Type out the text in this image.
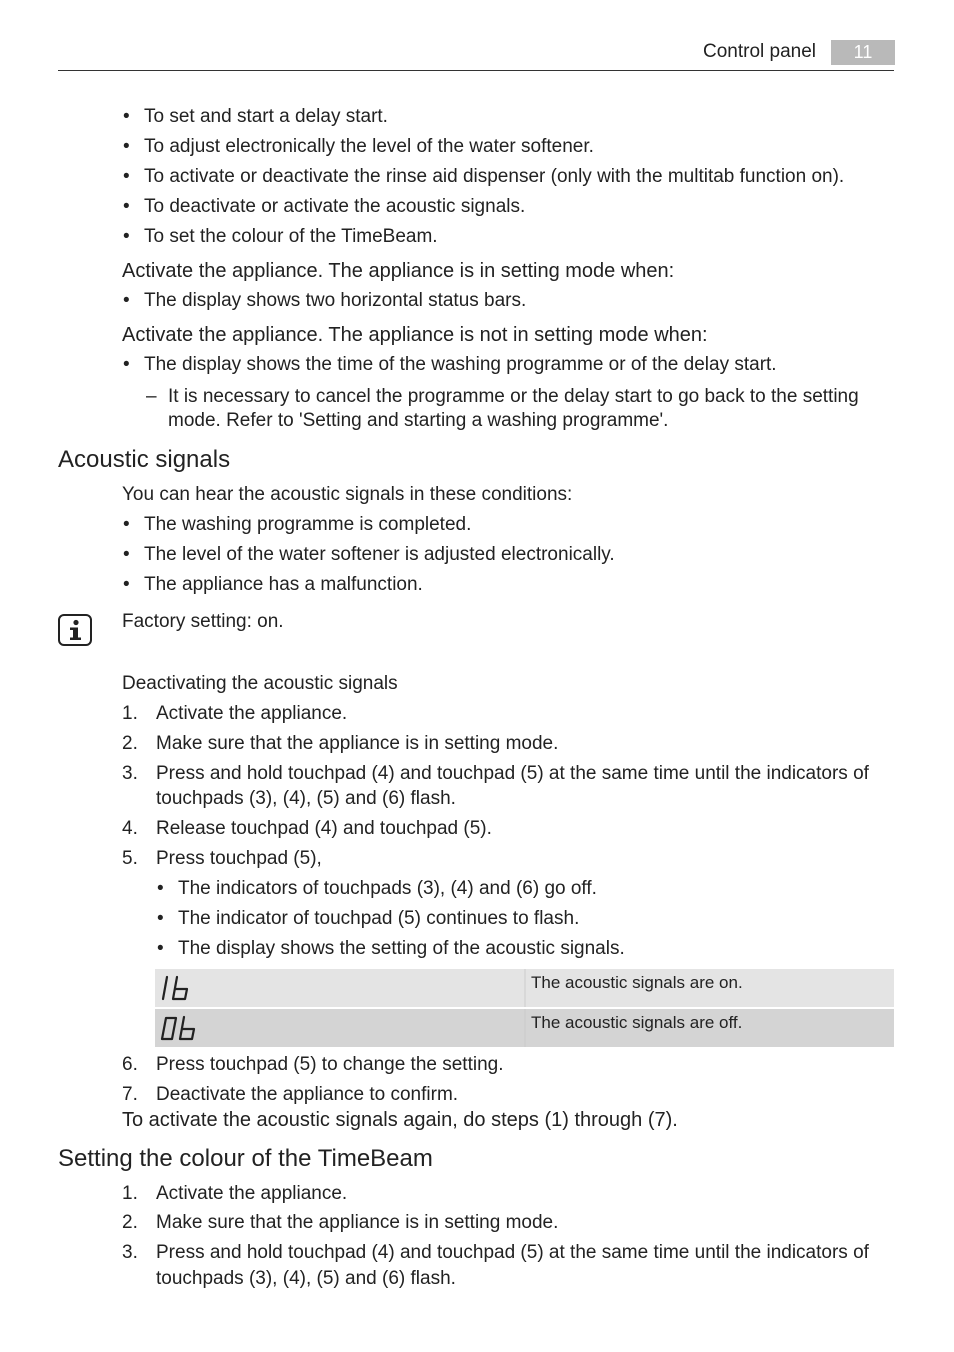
Control panel	11
• To set and start a delay start.
• To adjust electronically the level of the water softener.
• To activate or deactivate the rinse aid dispenser (only with the multitab function on).
• To deactivate or activate the acoustic signals.
• To set the colour of the TimeBeam.
Activate the appliance. The appliance is in setting mode when:
• The display shows two horizontal status bars.
Activate the appliance. The appliance is not in setting mode when:
• The display shows the time of the washing programme or of the delay start.
– It is necessary to cancel the programme or the delay start to go back to the setting
mode. Refer to 'Setting and starting a washing programme'.
Acoustic signals
You can hear the acoustic signals in these conditions:
• The washing programme is completed.
• The level of the water softener is adjusted electronically.
• The appliance has a malfunction.
Factory setting: on.
Deactivating the acoustic signals
1. Activate the appliance.
2. Make sure that the appliance is in setting mode.
3. Press and hold touchpad (4) and touchpad (5) at the same time until the indicators of
touchpads (3), (4), (5) and (6) flash.
4. Release touchpad (4) and touchpad (5).
5. Press touchpad (5),
• The indicators of touchpads (3), (4) and (6) go off.
• The indicator of touchpad (5) continues to flash.
• The display shows the setting of the acoustic signals.
The acoustic signals are on.
The acoustic signals are off.
6. Press touchpad (5) to change the setting.
7. Deactivate the appliance to confirm.
To activate the acoustic signals again, do steps (1) through (7).
Setting the colour of the TimeBeam
1. Activate the appliance.
2. Make sure that the appliance is in setting mode.
3. Press and hold touchpad (4) and touchpad (5) at the same time until the indicators of
touchpads (3), (4), (5) and (6) flash.
